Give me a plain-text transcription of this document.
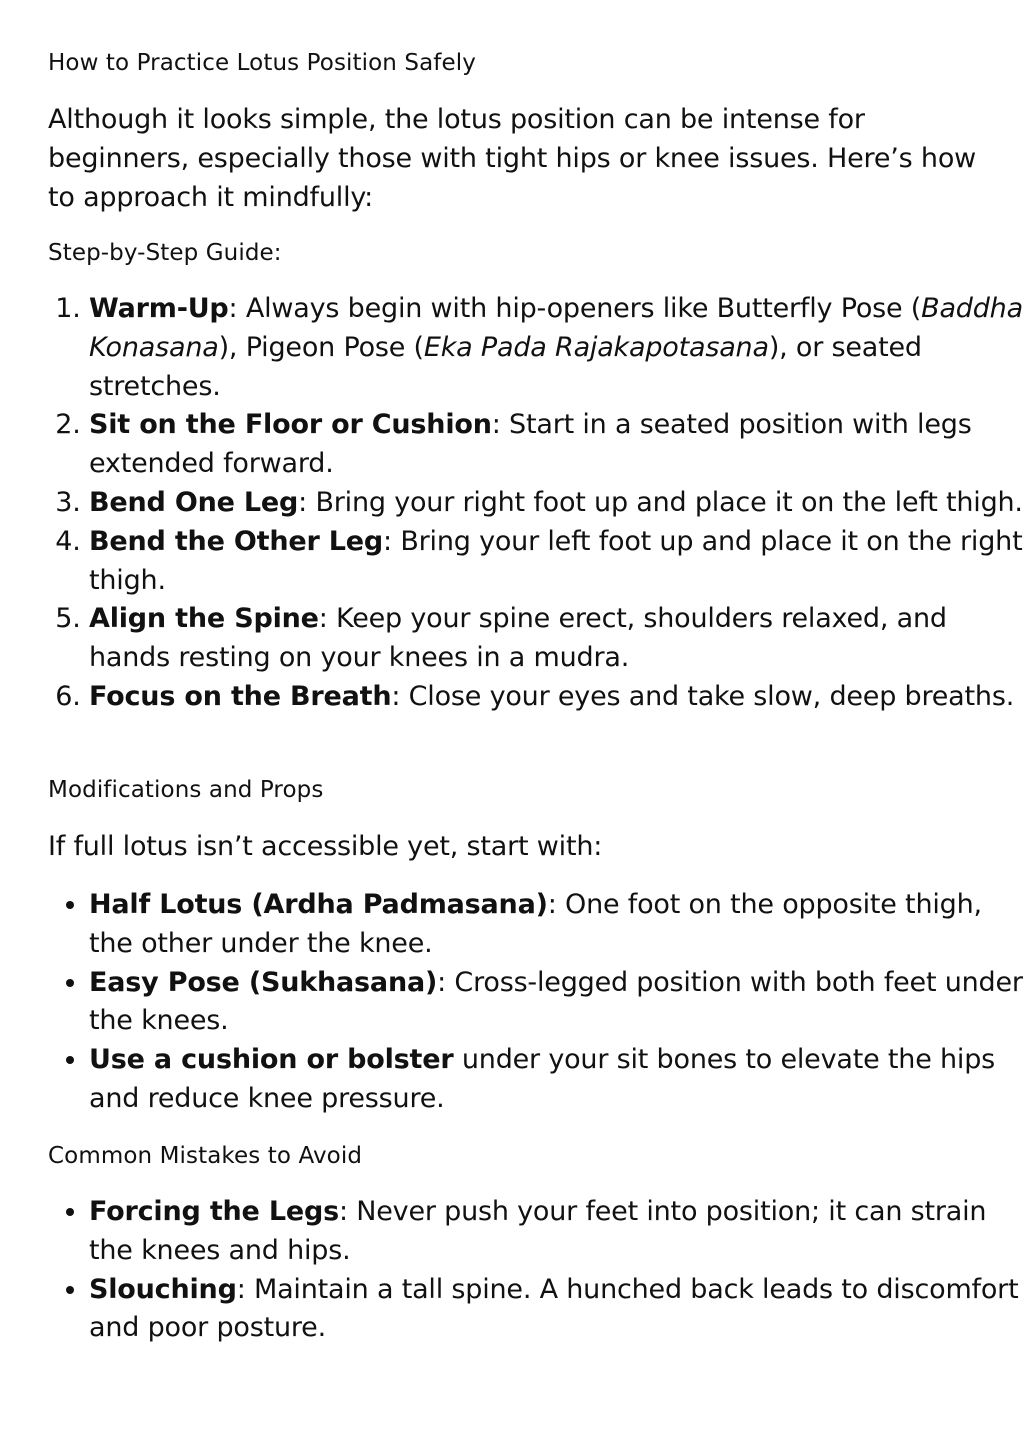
How to Practice Lotus Position Safely

Although it looks simple, the lotus position can be intense for beginners, especially those with tight hips or knee issues. Here’s how to approach it mindfully:

Step-by-Step Guide:
1. Warm-Up: Always begin with hip-openers like Butterfly Pose (Baddha Konasana), Pigeon Pose (Eka Pada Rajakapotasana), or seated stretches.
2. Sit on the Floor or Cushion: Start in a seated position with legs extended forward.
3. Bend One Leg: Bring your right foot up and place it on the left thigh.
4. Bend the Other Leg: Bring your left foot up and place it on the right thigh.
5. Align the Spine: Keep your spine erect, shoulders relaxed, and hands resting on your knees in a mudra.
6. Focus on the Breath: Close your eyes and take slow, deep breaths.
Modifications and Props

If full lotus isn’t accessible yet, start with:

• Half Lotus (Ardha Padmasana): One foot on the opposite thigh, the other under the knee.
• Easy Pose (Sukhasana): Cross-legged position with both feet under the knees.
• Use a cushion or bolster under your sit bones to elevate the hips and reduce knee pressure.
Common Mistakes to Avoid
• Forcing the Legs: Never push your feet into position; it can strain the knees and hips.
• Slouching: Maintain a tall spine. A hunched back leads to discomfort and poor posture.
